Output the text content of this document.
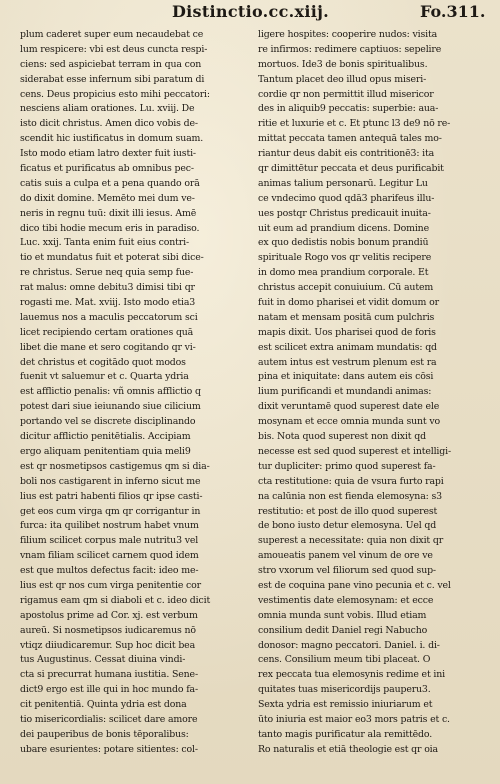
Distinctio.cc.xiij.	Fo.311.
plum caderet super eum necaudebat ce
lum respicere: vbi est deus cuncta respi-
ciens: sed aspiciebat terram in qua con
siderabat esse infernum sibi paratum di
cens. Deus propicius esto mihi peccatori:
nesciens aliam orationes. Lu. xviij. De
isto dicit christus. Amen dico vobis de-
scendit hic iustificatus in domum suam.
Isto modo etiam latro dexter fuit iusti-
ficatus et purificatus ab omnibus pec-
catis suis a culpa et a pena quando orā
do dixit domine. Memēto mei dum ve-
neris in regnu tuū: dixit illi iesus. Amē
dico tibi hodie mecum eris in paradiso.
Luc. xxij. Tanta enim fuit eius contri-
tio et mundatus fuit et poterat sibi dice-
re christus. Serue neq quia semp fue-
rat malus: omne debitu3 dimisi tibi qr
rogasti me. Mat. xviij. Isto modo etia3
lauemus nos a maculis peccatorum sci
licet recipiendo certam orationes quā
libet die mane et sero cogitando qr vi-
det christus et cogitādo quot modos
fuenit vt saluemur et c. Quarta ydria
est afflictio penalis: vñ omnis afflictio q
potest dari siue ieiunando siue cilicium
portando vel se discrete disciplinando
dicitur afflictio penitētialis. Accipiam
ergo aliquam penitentiam quia meli9
est qr nosmetipsos castigemus qm si dia-
boli nos castigarent in inferno sicut me
lius est patri habenti filios qr ipse casti-
get eos cum virga qm qr corrigantur in
furca: ita quilibet nostrum habet vnum
filium scilicet corpus male nutritu3 vel
vnam filiam scilicet carnem quod idem
est que multos defectus facit: ideo me-
lius est qr nos cum virga penitentie cor
rigamus eam qm si diaboli et c. ideo dicit
apostolus prime ad Cor. xj. est verbum
aureū. Si nosmetipsos iudicaremus nō
vtiqz diiudicaremur. Sup hoc dicit bea
tus Augustinus. Cessat diuina vindi-
cta si precurrat humana iustitia. Sene-
dict9 ergo est ille qui in hoc mundo fa-
cit penitentiā. Quinta ydria est dona
tio misericordialis: scilicet dare amore
dei pauperibus de bonis tēporalibus:
ubare esurientes: potare sitientes: col-
ligere hospites: cooperire nudos: visita
re infirmos: redimere captiuos: sepelire
mortuos. Ide3 de bonis spiritualibus.
Tantum placet deo illud opus miseri-
cordie qr non permittit illud misericor
des in aliquib9 peccatis: superbie: aua-
ritie et luxurie et c. Et ptunc l3 de9 nō re-
mittat peccata tamen antequā tales mo-
riantur deus dabit eis contritionē3: ita
qr dimittētur peccata et deus purificabit
animas talium personarū. Legitur Lu
ce vndecimo quod qdā3 pharifeus illu-
ues postqr Christus predicauit inuita-
uit eum ad prandium dicens. Domine
ex quo dedistis nobis bonum prandiū
spirituale Rogo vos qr velitis recipere
in domo mea prandium corporale. Et
christus accepit conuiuium. Cū autem
fuit in domo pharisei et vidit domum or
natam et mensam positā cum pulchris
mapis dixit. Uos pharisei quod de foris
est scilicet extra animam mundatis: qd
autem intus est vestrum plenum est ra
pina et iniquitate: dans autem eis cōsi
lium purificandi et mundandi animas:
dixit veruntamē quod superest date ele
mosynam et ecce omnia munda sunt vo
bis. Nota quod superest non dixit qd
necesse est sed quod superest et intelligi-
tur dupliciter: primo quod superest fa-
cta restitutione: quia de vsura furto rapi
na calūnia non est fienda elemosyna: s3
restitutio: et post de illo quod superest
de bono iusto detur elemosyna. Uel qd
superest a necessitate: quia non dixit qr
amoueatis panem vel vinum de ore ve
stro vxorum vel filiorum sed quod sup-
est de coquina pane vino pecunia et c. vel
vestimentis date elemosynam: et ecce
omnia munda sunt vobis. Illud etiam
consilium dedit Daniel regi Nabucho
donosor: magno peccatori. Daniel. i. di-
cens. Consilium meum tibi placeat. O
rex peccata tua elemosynis redime et ini
quitates tuas misericordijs pauperu3.
Sexta ydria est remissio iniuriarum et
ūto iniuria est maior eo3 mors patris et c.
tanto magis purificatur ala remittēdo.
Ro naturalis et etiā theologie est qr oia
